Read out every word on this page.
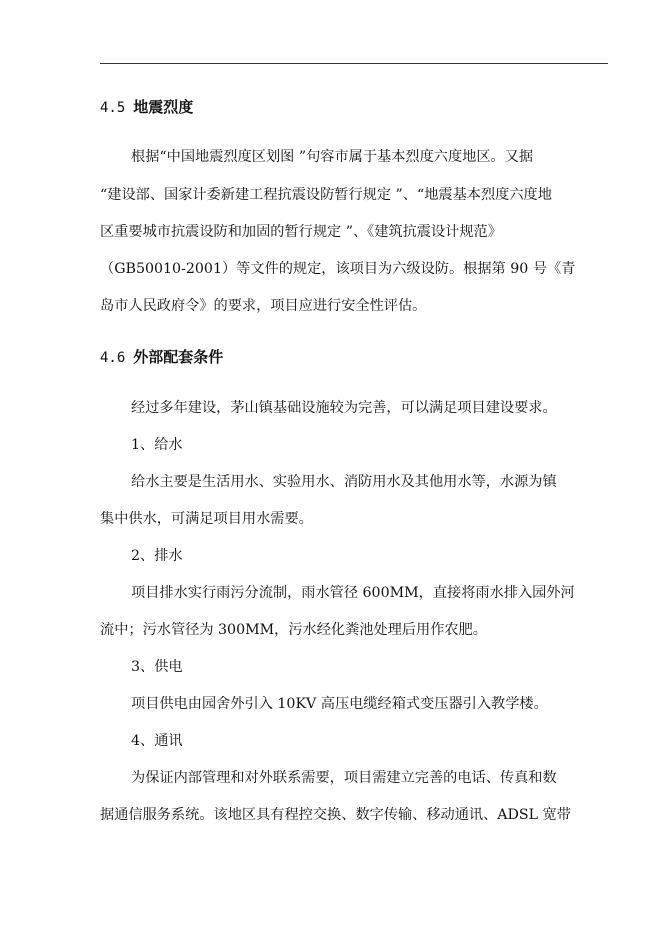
4.5 地震烈度
根据“中国地震烈度区划图 ”句容市属于基本烈度六度地区。又据
“建设部、国家计委新建工程抗震设防暂行规定 ”、“地震基本烈度六度地
区重要城市抗震设防和加固的暂行规定 ”、《建筑抗震设计规范》
（GB50010-2001）等文件的规定，该项目为六级设防。根据第 90 号《青
岛市人民政府令》的要求，项目应进行安全性评估。
4.6 外部配套条件
经过多年建设，茅山镇基础设施较为完善，可以满足项目建设要求。
1、给水
给水主要是生活用水、实验用水、消防用水及其他用水等，水源为镇
集中供水，可满足项目用水需要。
2、排水
项目排水实行雨污分流制，雨水管径 600MM，直接将雨水排入园外河
流中；污水管径为 300MM，污水经化粪池处理后用作农肥。
3、供电
项目供电由园舍外引入 10KV 高压电缆经箱式变压器引入教学楼。
4、通讯
为保证内部管理和对外联系需要，项目需建立完善的电话、传真和数
据通信服务系统。该地区具有程控交换、数字传输、移动通讯、ADSL 宽带
